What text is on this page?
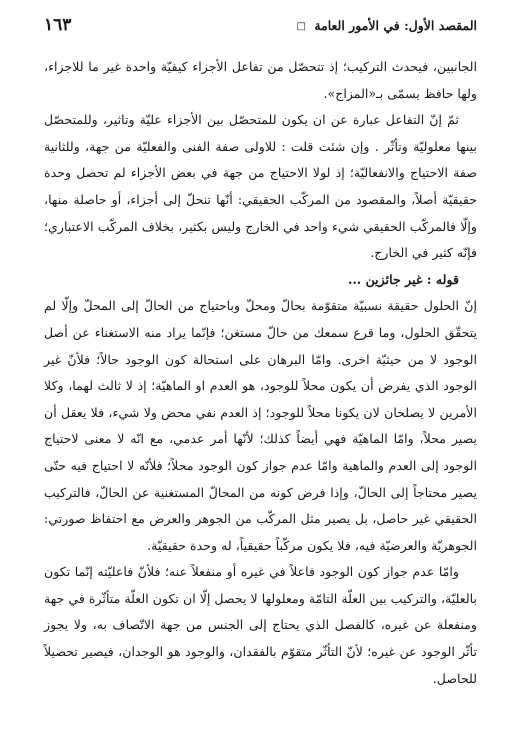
المقصد الأول: في الأمور العامة □
١٦٣

الجانبين، فيحدث التركيب؛ إذ تتحصّل من تفاعل الأجزاء كيفيّة واحدة غير ما للاجزاء، ولها حافظ يسمّى بـ«المزاج».

ثمّ إنّ التفاعل عبارة عن ان يكون للمتحصّل بين الأجزاء عليّة وتاثير، وللمتحصّل بينها معلوليّة وتأثّر . وإن شئت قلت : للاولى صفة الفنى والفعليّة من جهة، وللثانية صفة الاحتياج والانفعاليّة؛ إذ لولا الاحتياج من جهة في بعض الأجزاء لم تحصل وحدة حقيقيّة أصلاً، والمقصود من المركّب الحقيقي: أنّها تنحلّ إلى أجزاء، أو حاصلة منها، وإلّا فالمركّب الحقيقي شيء واحد في الخارج وليس بكثير، بخلاف المركّب الاعتباري؛ فإنّه كثير في الخارج.

قوله : غير جائزين ...

إنّ الحلول حقيقة نسبيّة متقوّمة بحالّ ومحلّ وباحتياج من الحالّ إلى المحلّ وإلّا لم يتحقّق الحلول، وما قرع سمعك من حالّ مستغن؛ فإنّما يراد منه الاستغناء عن أصل الوجود لا من حيثيّة اخرى. وامّا البرهان على استحالة كون الوجود حالاً؛ فلأنّ غير الوجود الذي يفرض أن يكون محلاً للوجود، هو العدم او الماهيّة؛ إذ لا ثالث لهما، وكلا الأمرين لا يصلحان لان يكونا محلاً للوجود؛ إذ العدم نفي محض ولا شيء، فلا يعقل أن يصير محلاً، وامّا الماهيّة فهي أيضاً كذلك؛ لأنّها أمر عدمي، مع انّه لا معنى لاحتياج الوجود إلى العدم والماهية وامّا عدم جواز كون الوجود محلاً؛ فلأنّه لا احتياج فيه حتّى يصير محتاجاً إلى الحالّ، وإذا فرض كونه من المحالّ المستغنية عن الحالّ، فالتركيب الحقيقي غير حاصل، بل يصير مثل المركّب من الجوهر والعرض مع احتفاظ صورتي: الجوهريّة والعرضيّة فيه، فلا يكون مركّباً حقيقياً، له وحدة حقيقيّة.

وامّا عدم جواز كون الوجود فاعلاً في غيره أو منفعلاً عنه؛ فلأنّ فاعليّته إنّما تكون بالعليّة، والتركيب بين العلّة التامّة ومعلولها لا يحصل إلّا ان تكون العلّة متأثّرة في جهة ومنفعلة عن غيره، كالفصل الذي يحتاج إلى الجنس من جهة الاتّصاف به، ولا يجوز تأثّر الوجود عن غيره؛ لأنّ التأثّر متقوّم بالفقدان، والوجود هو الوجدان، فيصير تحصيلاً للحاصل.
